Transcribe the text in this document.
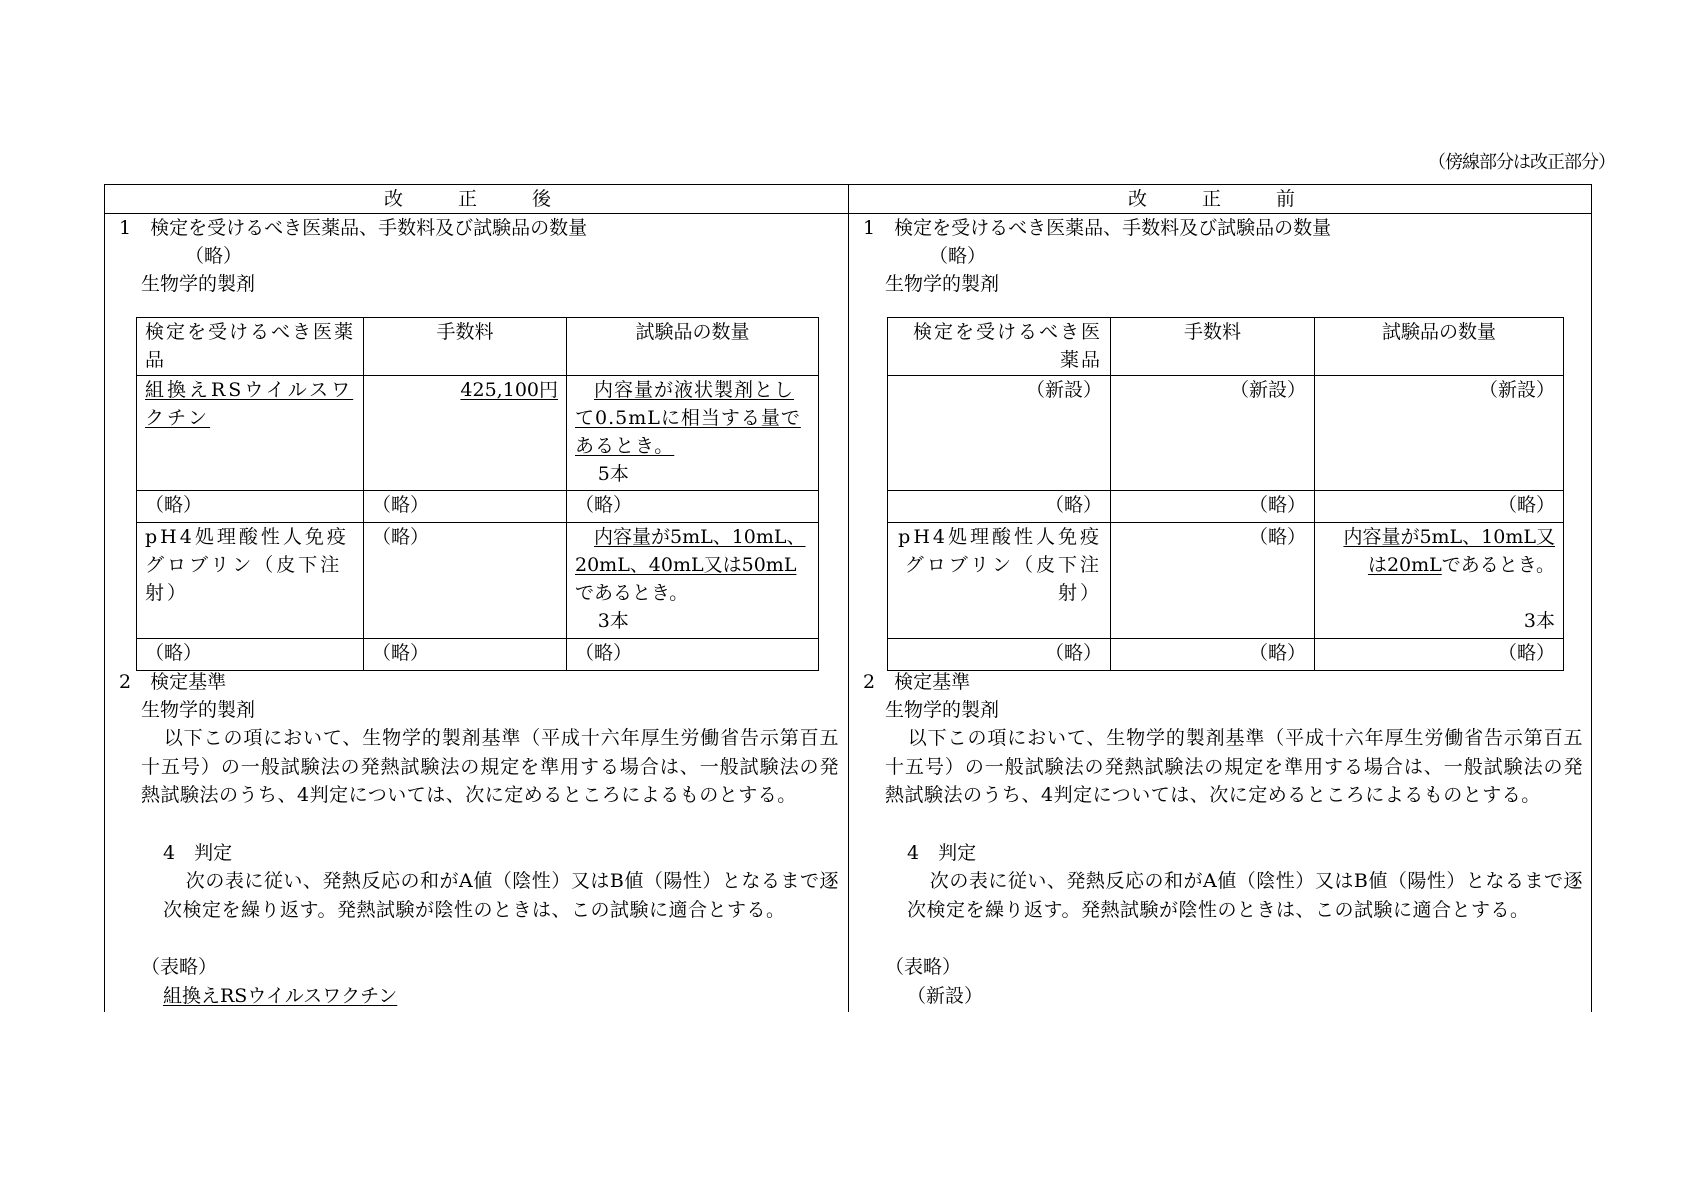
（傍線部分は改正部分）
改　正　後	改　正　前
1　検定を受けるべき医薬品、手数料及び試験品の数量
（略）
生物学的製剤
検定を受けるべき医薬品	手数料	試験品の数量
組換えRSウイルスワクチン	425,100円	内容量が液状製剤として0.5mLに相当する量であるとき。
5本

（略）	（略）	（略）
pH4処理酸性人免疫グロブリン（皮下注射）	（略）	内容量が5mL、10mL、20mL、40mL又は50mLであるとき。
3本

（略）	（略）	（略）
2　検定基準
生物学的製剤
以下この項において、生物学的製剤基準（平成十六年厚生労働省告示第百五十五号）の一般試験法の発熱試験法の規定を準用する場合は、一般試験法の発熱試験法のうち、4判定については、次に定めるところによるものとする。
4　判定
次の表に従い、発熱反応の和がA値（陰性）又はB値（陽性）となるまで逐次検定を繰り返す。発熱試験が陰性のときは、この試験に適合とする。
（表略）
組換えRSウイルスワクチン
1　検定を受けるべき医薬品、手数料及び試験品の数量
（略）
生物学的製剤
検定を受けるべき医薬品	手数料	試験品の数量
（新設）	（新設）	（新設）
（略）	（略）	（略）
pH4処理酸性人免疫グロブリン（皮下注射）	（略）	内容量が5mL、10mL又は20mLであるとき。
3本

（略）	（略）	（略）
2　検定基準
生物学的製剤
以下この項において、生物学的製剤基準（平成十六年厚生労働省告示第百五十五号）の一般試験法の発熱試験法の規定を準用する場合は、一般試験法の発熱試験法のうち、4判定については、次に定めるところによるものとする。
4　判定
次の表に従い、発熱反応の和がA値（陰性）又はB値（陽性）となるまで逐次検定を繰り返す。発熱試験が陰性のときは、この試験に適合とする。
（表略）
（新設）
